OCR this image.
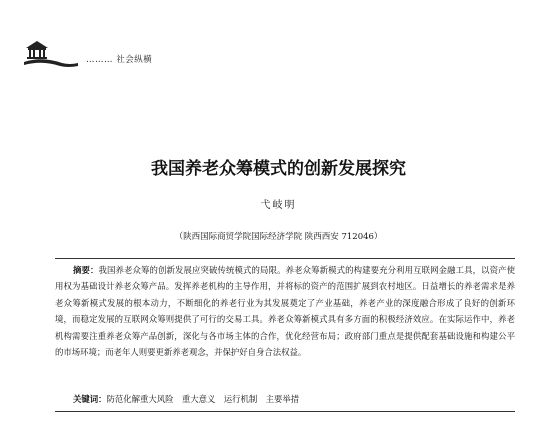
……… 社会纵横
我国养老众筹模式的创新发展探究
弋岐明
（陕西国际商贸学院国际经济学院 陕西西安 712046）

摘要：我国养老众筹的创新发展应突破传统模式的局限。养老众筹新模式的构建要充分利用互联网金融工具，以资产使用权为基础设计养老众筹产品。发挥养老机构的主导作用，并将标的资产的范围扩展到农村地区。日益增长的养老需求是养老众筹新模式发展的根本动力，不断细化的养老行业为其发展奠定了产业基础，养老产业的深度融合形成了良好的创新环境，而稳定发展的互联网众筹则提供了可行的交易工具。养老众筹新模式具有多方面的积极经济效应。在实际运作中，养老机构需要注重养老众筹产品创新，深化与各市场主体的合作，优化经营布局；政府部门重点是提供配套基础设施和构建公平的市场环境；而老年人则要更新养老观念，并保护好自身合法权益。

关键词：防范化解重大风险　重大意义　运行机制　主要举措
